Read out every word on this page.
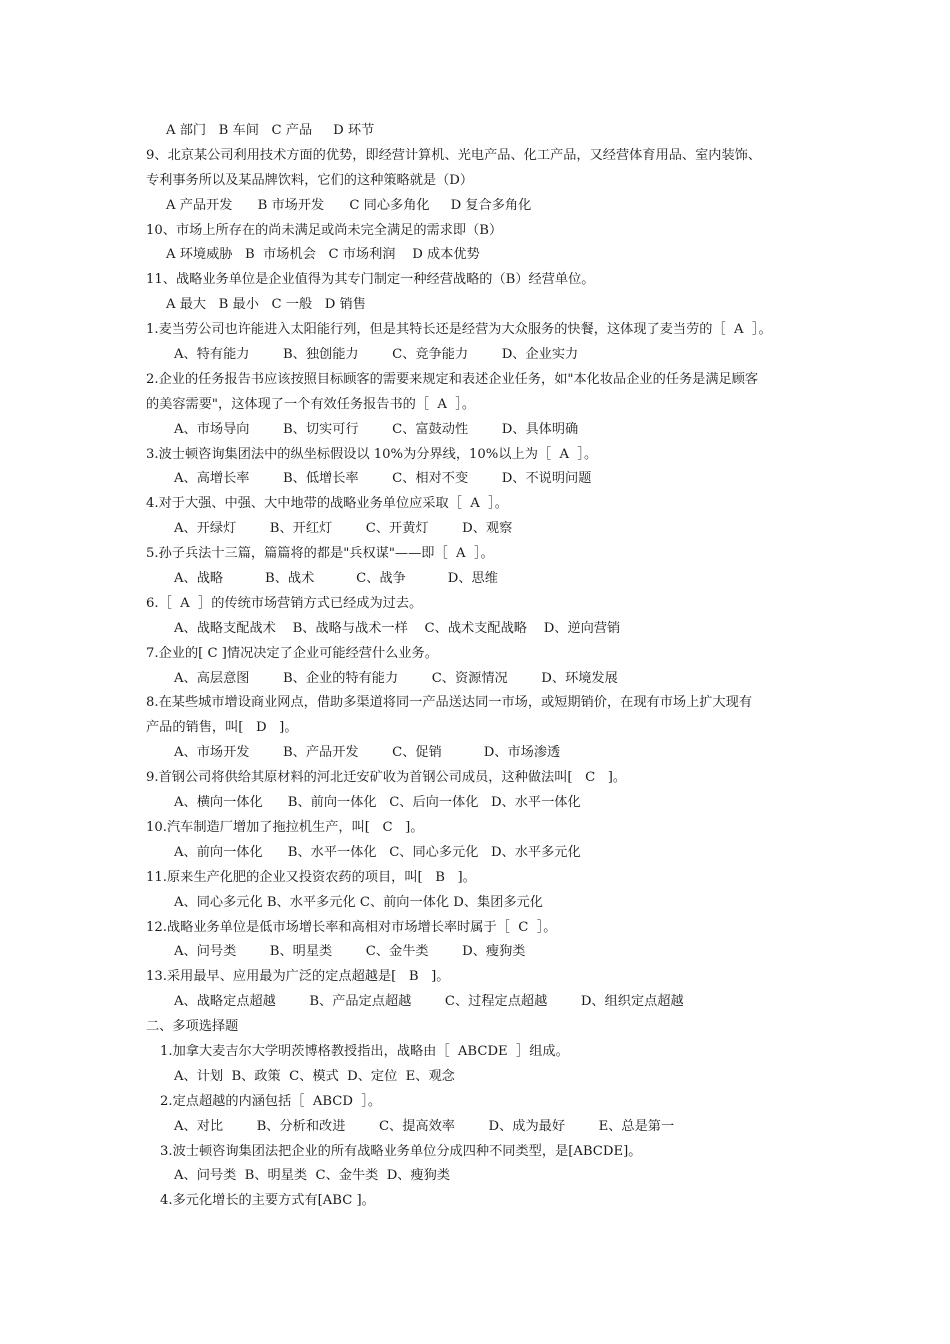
A 部门   B 车间   C 产品     D 环节
9、北京某公司利用技术方面的优势，即经营计算机、光电产品、化工产品，又经营体育用品、室内装饰、
专利事务所以及某品牌饮料，它们的这种策略就是（D）
A 产品开发      B 市场开发      C 同心多角化     D 复合多角化
10、市场上所存在的尚未满足或尚未完全满足的需求即（B）
A 环境威胁   B  市场机会   C 市场利润    D 成本优势
11、战略业务单位是企业值得为其专门制定一种经营战略的（B）经营单位。
A 最大   B 最小   C 一般   D 销售
1.麦当劳公司也许能进入太阳能行列，但是其特长还是经营为大众服务的快餐，这体现了麦当劳的［  A  ］。
A、特有能力        B、独创能力        C、竞争能力        D、企业实力
2.企业的任务报告书应该按照目标顾客的需要来规定和表述企业任务，如"本化妆品企业的任务是满足顾客
的美容需要"，这体现了一个有效任务报告书的［  A  ］。
A、市场导向        B、切实可行        C、富鼓动性        D、具体明确
3.波士顿咨询集团法中的纵坐标假设以 10%为分界线，10%以上为［  A  ］。
A、高增长率        B、低增长率        C、相对不变        D、不说明问题
4.对于大强、中强、大中地带的战略业务单位应采取［  A  ］。
A、开绿灯        B、开红灯        C、开黄灯        D、观察
5.孙子兵法十三篇，篇篇将的都是"兵权谋"——即［  A  ］。
A、战略          B、战术          C、战争          D、思维
6.［  A  ］的传统市场营销方式已经成为过去。
A、战略支配战术    B、战略与战术一样    C、战术支配战略    D、逆向营销
7.企业的[ C ]情况决定了企业可能经营什么业务。
A、高层意图        B、企业的特有能力        C、资源情况        D、环境发展
8.在某些城市增设商业网点，借助多渠道将同一产品送达同一市场，或短期销价，在现有市场上扩大现有
产品的销售，叫[   D   ]。
A、市场开发        B、产品开发        C、促销          D、市场渗透
9.首钢公司将供给其原材料的河北迁安矿收为首钢公司成员，这种做法叫[   C   ]。
A、横向一体化      B、前向一体化   C、后向一体化   D、水平一体化
10.汽车制造厂增加了拖拉机生产，叫[   C   ]。
A、前向一体化      B、水平一体化   C、同心多元化   D、水平多元化
11.原来生产化肥的企业又投资农药的项目，叫[   B   ]。
A、同心多元化 B、水平多元化 C、前向一体化 D、集团多元化
12.战略业务单位是低市场增长率和高相对市场增长率时属于［  C  ］。
A、问号类        B、明星类        C、金牛类        D、瘦狗类
13.采用最早、应用最为广泛的定点超越是[   B   ]。
A、战略定点超越        B、产品定点超越        C、过程定点超越        D、组织定点超越
二、多项选择题
1.加拿大麦吉尔大学明茨博格教授指出，战略由［  ABCDE  ］组成。
A、计划  B、政策  C、模式  D、定位  E、观念
2.定点超越的内涵包括［  ABCD  ］。
A、对比        B、分析和改进        C、提高效率        D、成为最好        E、总是第一
3.波士顿咨询集团法把企业的所有战略业务单位分成四种不同类型，是[ABCDE]。
A、问号类  B、明星类  C、金牛类  D、瘦狗类
4.多元化增长的主要方式有[ABC ]。
